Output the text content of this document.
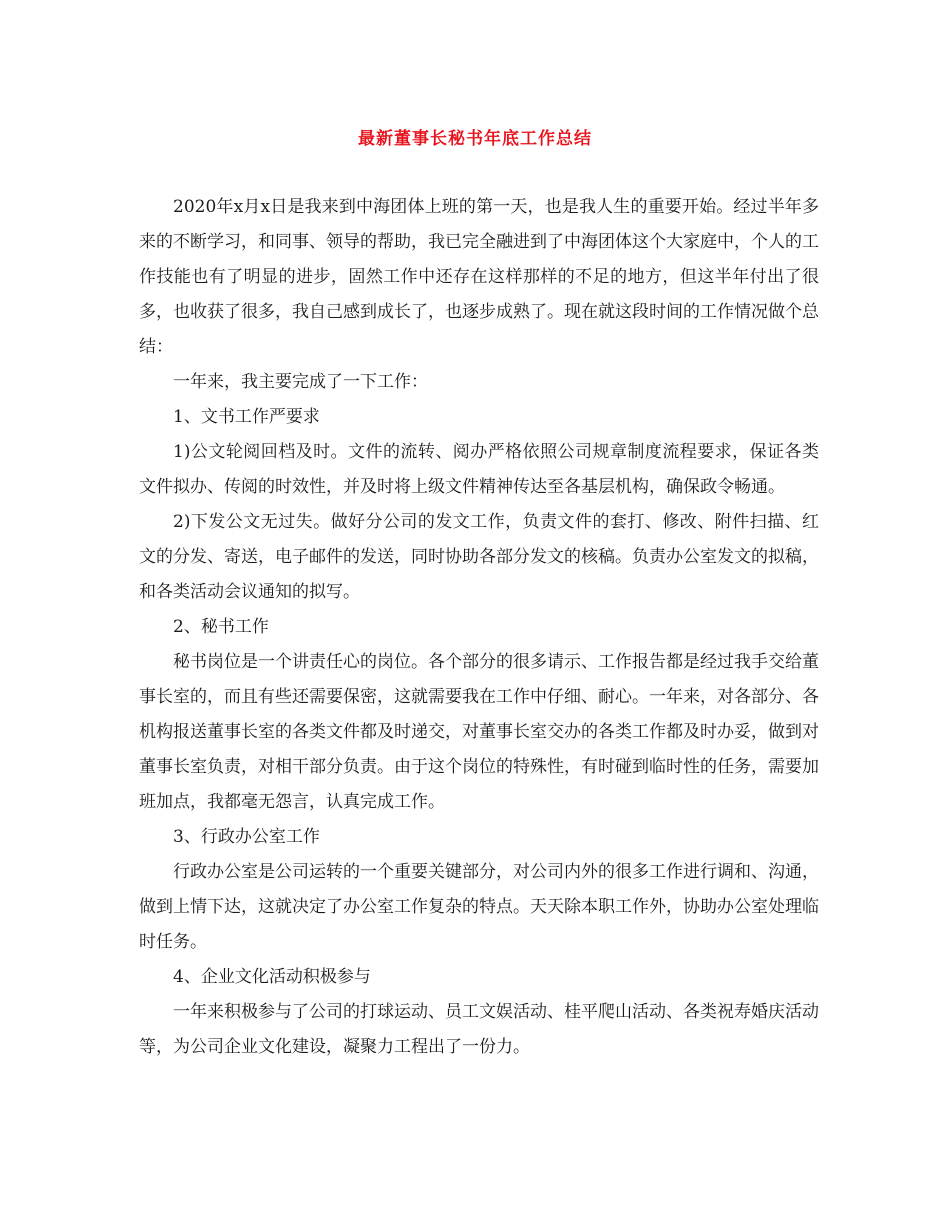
最新董事长秘书年底工作总结

2020年x月x日是我来到中海团体上班的第一天，也是我人生的重要开始。经过半年多来的不断学习，和同事、领导的帮助，我已完全融进到了中海团体这个大家庭中，个人的工作技能也有了明显的进步，固然工作中还存在这样那样的不足的地方，但这半年付出了很多，也收获了很多，我自己感到成长了，也逐步成熟了。现在就这段时间的工作情况做个总结：

一年来，我主要完成了一下工作：

1、文书工作严要求

1)公文轮阅回档及时。文件的流转、阅办严格依照公司规章制度流程要求，保证各类文件拟办、传阅的时效性，并及时将上级文件精神传达至各基层机构，确保政令畅通。

2)下发公文无过失。做好分公司的发文工作，负责文件的套打、修改、附件扫描、红文的分发、寄送，电子邮件的发送，同时协助各部分发文的核稿。负责办公室发文的拟稿，和各类活动会议通知的拟写。

2、秘书工作

秘书岗位是一个讲责任心的岗位。各个部分的很多请示、工作报告都是经过我手交给董事长室的，而且有些还需要保密，这就需要我在工作中仔细、耐心。一年来，对各部分、各机构报送董事长室的各类文件都及时递交，对董事长室交办的各类工作都及时办妥，做到对董事长室负责，对相干部分负责。由于这个岗位的特殊性，有时碰到临时性的任务，需要加班加点，我都毫无怨言，认真完成工作。

3、行政办公室工作

行政办公室是公司运转的一个重要关键部分，对公司内外的很多工作进行调和、沟通，做到上情下达，这就决定了办公室工作复杂的特点。天天除本职工作外，协助办公室处理临时任务。

4、企业文化活动积极参与

一年来积极参与了公司的打球运动、员工文娱活动、桂平爬山活动、各类祝寿婚庆活动等，为公司企业文化建设，凝聚力工程出了一份力。
